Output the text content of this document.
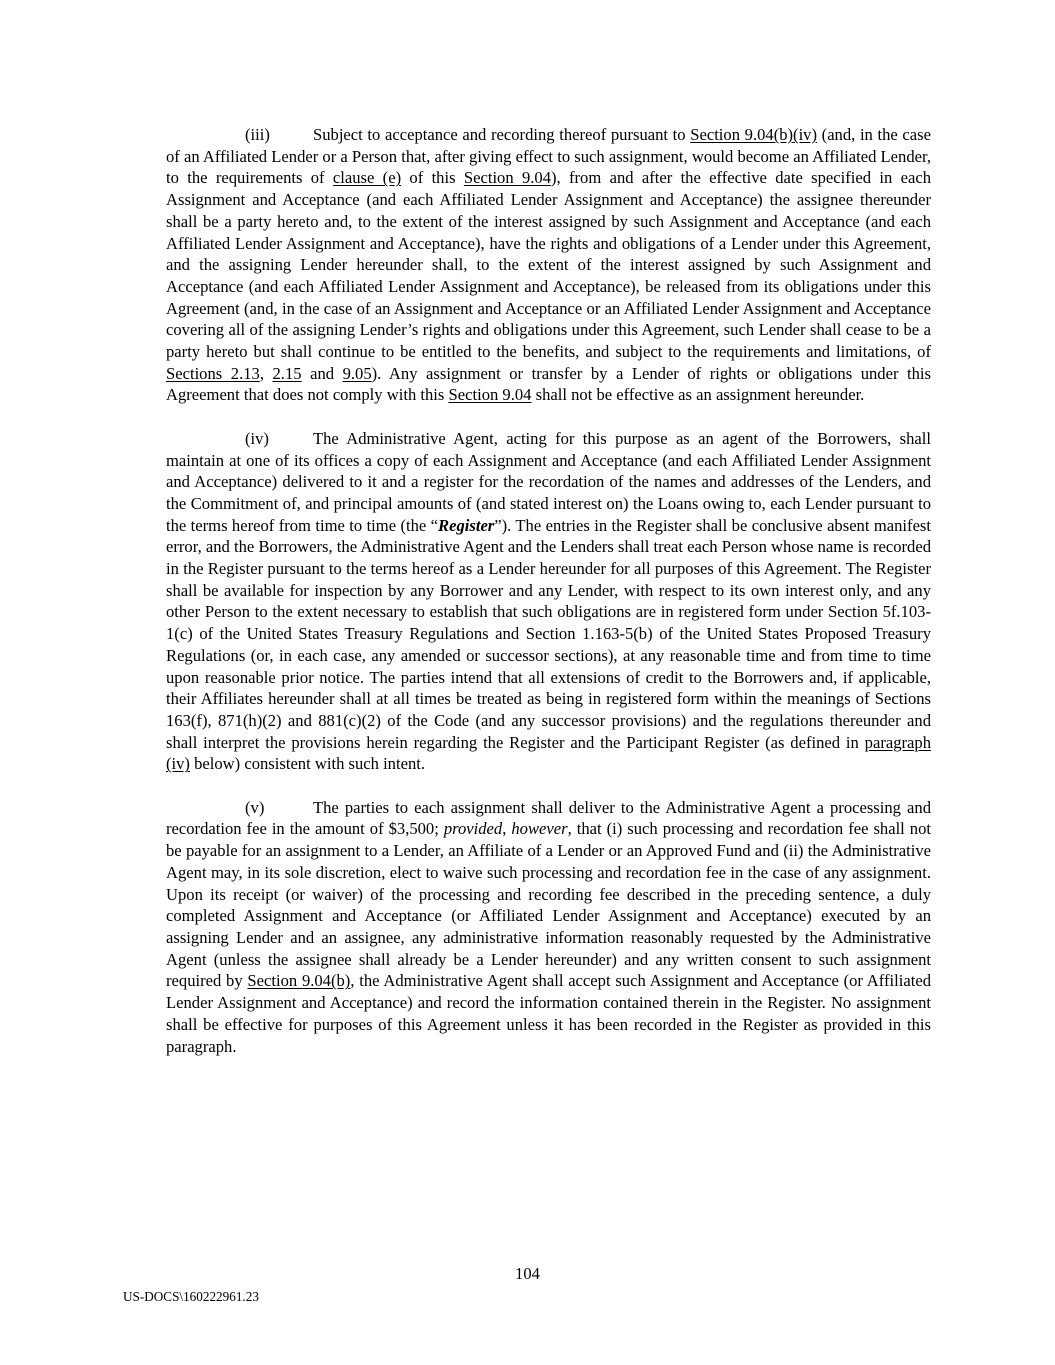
(iii)	Subject to acceptance and recording thereof pursuant to Section 9.04(b)(iv) (and, in the case of an Affiliated Lender or a Person that, after giving effect to such assignment, would become an Affiliated Lender, to the requirements of clause (e) of this Section 9.04), from and after the effective date specified in each Assignment and Acceptance (and each Affiliated Lender Assignment and Acceptance) the assignee thereunder shall be a party hereto and, to the extent of the interest assigned by such Assignment and Acceptance (and each Affiliated Lender Assignment and Acceptance), have the rights and obligations of a Lender under this Agreement, and the assigning Lender hereunder shall, to the extent of the interest assigned by such Assignment and Acceptance (and each Affiliated Lender Assignment and Acceptance), be released from its obligations under this Agreement (and, in the case of an Assignment and Acceptance or an Affiliated Lender Assignment and Acceptance covering all of the assigning Lender’s rights and obligations under this Agreement, such Lender shall cease to be a party hereto but shall continue to be entitled to the benefits, and subject to the requirements and limitations, of Sections 2.13, 2.15 and 9.05). Any assignment or transfer by a Lender of rights or obligations under this Agreement that does not comply with this Section 9.04 shall not be effective as an assignment hereunder.

(iv)	The Administrative Agent, acting for this purpose as an agent of the Borrowers, shall maintain at one of its offices a copy of each Assignment and Acceptance (and each Affiliated Lender Assignment and Acceptance) delivered to it and a register for the recordation of the names and addresses of the Lenders, and the Commitment of, and principal amounts of (and stated interest on) the Loans owing to, each Lender pursuant to the terms hereof from time to time (the “Register”). The entries in the Register shall be conclusive absent manifest error, and the Borrowers, the Administrative Agent and the Lenders shall treat each Person whose name is recorded in the Register pursuant to the terms hereof as a Lender hereunder for all purposes of this Agreement. The Register shall be available for inspection by any Borrower and any Lender, with respect to its own interest only, and any other Person to the extent necessary to establish that such obligations are in registered form under Section 5f.103-1(c) of the United States Treasury Regulations and Section 1.163-5(b) of the United States Proposed Treasury Regulations (or, in each case, any amended or successor sections), at any reasonable time and from time to time upon reasonable prior notice. The parties intend that all extensions of credit to the Borrowers and, if applicable, their Affiliates hereunder shall at all times be treated as being in registered form within the meanings of Sections 163(f), 871(h)(2) and 881(c)(2) of the Code (and any successor provisions) and the regulations thereunder and shall interpret the provisions herein regarding the Register and the Participant Register (as defined in paragraph (iv) below) consistent with such intent.

(v)	The parties to each assignment shall deliver to the Administrative Agent a processing and recordation fee in the amount of $3,500; provided, however, that (i) such processing and recordation fee shall not be payable for an assignment to a Lender, an Affiliate of a Lender or an Approved Fund and (ii) the Administrative Agent may, in its sole discretion, elect to waive such processing and recordation fee in the case of any assignment. Upon its receipt (or waiver) of the processing and recording fee described in the preceding sentence, a duly completed Assignment and Acceptance (or Affiliated Lender Assignment and Acceptance) executed by an assigning Lender and an assignee, any administrative information reasonably requested by the Administrative Agent (unless the assignee shall already be a Lender hereunder) and any written consent to such assignment required by Section 9.04(b), the Administrative Agent shall accept such Assignment and Acceptance (or Affiliated Lender Assignment and Acceptance) and record the information contained therein in the Register. No assignment shall be effective for purposes of this Agreement unless it has been recorded in the Register as provided in this paragraph.

104
US-DOCS\160222961.23
